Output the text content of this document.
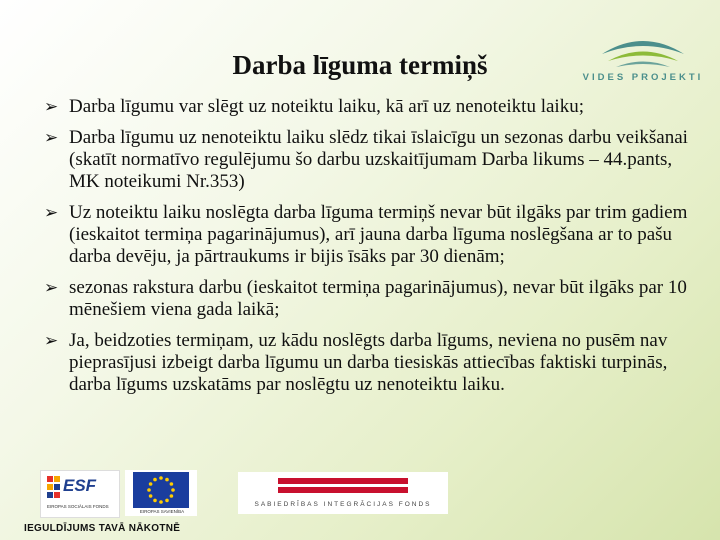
Darba līguma termiņš	VIDES PROJEKTI
➢ Darba līgumu var slēgt uz noteiktu laiku, kā arī uz nenoteiktu laiku;
➢ Darba līgumu uz nenoteiktu laiku slēdz tikai īslaicīgu un sezonas darbu veikšanai (skatīt normatīvo regulējumu šo darbu uzskaitījumam Darba likums – 44.pants, MK noteikumi Nr.353)
➢ Uz noteiktu laiku noslēgta darba līguma termiņš nevar būt ilgāks par trim gadiem (ieskaitot termiņa pagarinājumus), arī jauna darba līguma noslēgšana ar to pašu darba devēju, ja pārtraukums ir bijis īsāks par 30 dienām;
➢ sezonas rakstura darbu (ieskaitot termiņa pagarinājumus), nevar būt ilgāks par 10 mēnešiem viena gada laikā;
➢ Ja, beidzoties termiņam, uz kādu noslēgts darba līgums, neviena no pusēm nav pieprasījusi izbeigt darba līgumu un darba tiesiskās attiecības faktiski turpinās, darba līgums uzskatāms par noslēgtu uz nenoteiktu laiku.
ESF
EIROPAS SOCIĀLAIS FONDS
EIROPAS SAVIENĪBA
SABIEDRĪBAS INTEGRĀCIJAS FONDS
IEGULDĪJUMS TAVĀ NĀKOTNĒ
